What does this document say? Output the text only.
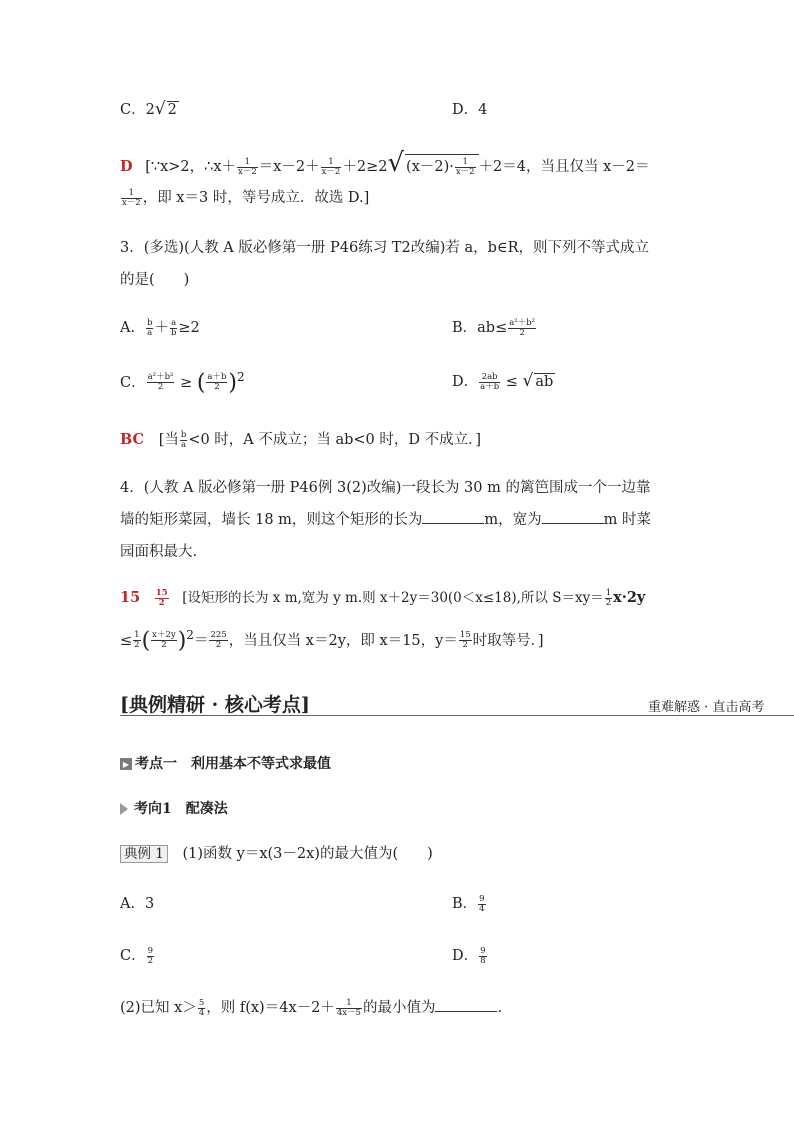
C．2√ 2	D．4
D [∵x>2，∴x＋ $\frac{1}{x-2} =x-2+ \frac{1}{x-2} +2\ge 2√$ $(x-2)\cdot \frac{1}{x-2} +2=4$，当且仅当 x－2＝
$\frac{1}{x-2}$ ，即 x＝3 时，等号成立．故选 D.]
3．(多选)(人教 A 版必修第一册 P46练习 T2改编)若 a，b∈R，则下列不等式成立
的是(　　)
A． $\frac{b}{a} + \frac{a}{b} \ge 2$	B．$ab\le \frac{\text{a²＋b²}}{2}$
C． $\frac{\text{a²＋b²}}{2}$ ≥ ( $\frac{a+b}{2} )^2$	D． $\frac{2ab}{a+b}$ ≤ √ ab
BC [当 $\frac{b}{a} <0$ 时，A 不成立；当 ab<0 时，D 不成立．]
4．(人教 A 版必修第一册 P46例 3(2)改编)一段长为 30 m 的篱笆围成一个一边靠
墙的矩形菜园，墙长 18 m，则这个矩形的长为	m，宽为	m 时菜
园面积最大.
$15 \frac{15}{2}$ [设矩形的长为 x m,宽为 y m.则 x＋2y＝30(0＜x≤18),所以 $S=xy= \frac{1}{2} x\cdot 2y$
≤ $\frac{1}{2}$ ( $\frac{x+2y}{2} )^2= \frac{225}{2}$ ，当且仅当 x＝2y，即 x＝15，$y= \frac{15}{2}$ 时取等号．]
[典例精研 · 核心考点]	重难解惑 · 直击高考
▶ 考点一　利用基本不等式求最值
考向1　配凑法
典例 1 (1)函数 y＝x(3－2x)的最大值为(　　)
A．3	B． $\frac{9}{4}$
C． $\frac{9}{2}$	D． $\frac{9}{8}$
(2)已知 $x> \frac{5}{4}$ ，则 $f(x)=4x-2+ \frac{1}{4x-5}$ 的最小值为	.
